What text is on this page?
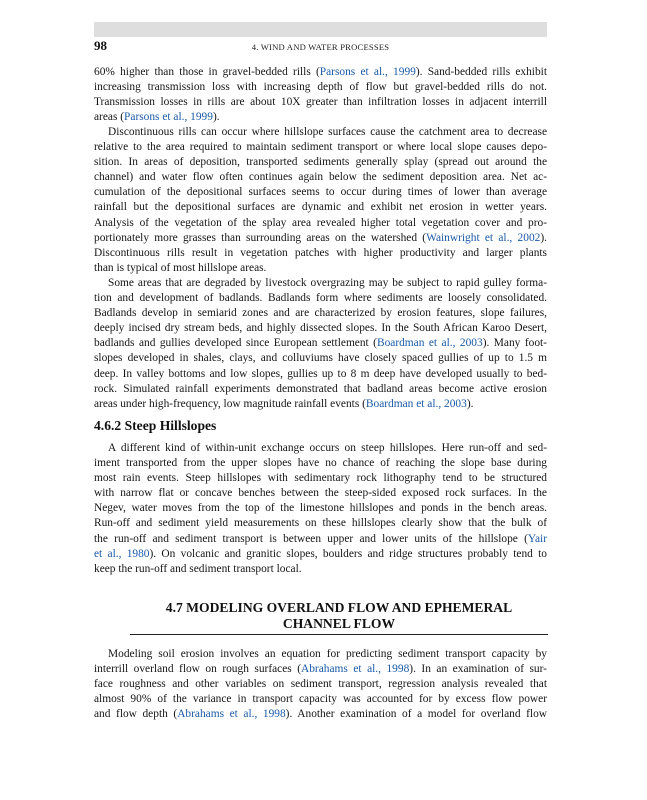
98	4. WIND AND WATER PROCESSES
60% higher than those in gravel-bedded rills (Parsons et al., 1999). Sand-bedded rills exhibit
increasing transmission loss with increasing depth of flow but gravel-bedded rills do not.
Transmission losses in rills are about 10X greater than infiltration losses in adjacent interrill
areas (Parsons et al., 1999).
Discontinuous rills can occur where hillslope surfaces cause the catchment area to decrease
relative to the area required to maintain sediment transport or where local slope causes depo-
sition. In areas of deposition, transported sediments generally splay (spread out around the
channel) and water flow often continues again below the sediment deposition area. Net ac-
cumulation of the depositional surfaces seems to occur during times of lower than average
rainfall but the depositional surfaces are dynamic and exhibit net erosion in wetter years.
Analysis of the vegetation of the splay area revealed higher total vegetation cover and pro-
portionately more grasses than surrounding areas on the watershed (Wainwright et al., 2002).
Discontinuous rills result in vegetation patches with higher productivity and larger plants
than is typical of most hillslope areas.
Some areas that are degraded by livestock overgrazing may be subject to rapid gulley forma-
tion and development of badlands. Badlands form where sediments are loosely consolidated.
Badlands develop in semiarid zones and are characterized by erosion features, slope failures,
deeply incised dry stream beds, and highly dissected slopes. In the South African Karoo Desert,
badlands and gullies developed since European settlement (Boardman et al., 2003). Many foot-
slopes developed in shales, clays, and colluviums have closely spaced gullies of up to 1.5 m
deep. In valley bottoms and low slopes, gullies up to 8 m deep have developed usually to bed-
rock. Simulated rainfall experiments demonstrated that badland areas become active erosion
areas under high-frequency, low magnitude rainfall events (Boardman et al., 2003).
4.6.2 Steep Hillslopes
A different kind of within-unit exchange occurs on steep hillslopes. Here run-off and sed-
iment transported from the upper slopes have no chance of reaching the slope base during
most rain events. Steep hillslopes with sedimentary rock lithography tend to be structured
with narrow flat or concave benches between the steep-sided exposed rock surfaces. In the
Negev, water moves from the top of the limestone hillslopes and ponds in the bench areas.
Run-off and sediment yield measurements on these hillslopes clearly show that the bulk of
the run-off and sediment transport is between upper and lower units of the hillslope (Yair
et al., 1980). On volcanic and granitic slopes, boulders and ridge structures probably tend to
keep the run-off and sediment transport local.
4.7 MODELING OVERLAND FLOW AND EPHEMERAL
CHANNEL FLOW
Modeling soil erosion involves an equation for predicting sediment transport capacity by
interrill overland flow on rough surfaces (Abrahams et al., 1998). In an examination of sur-
face roughness and other variables on sediment transport, regression analysis revealed that
almost 90% of the variance in transport capacity was accounted for by excess flow power
and flow depth (Abrahams et al., 1998). Another examination of a model for overland flow
